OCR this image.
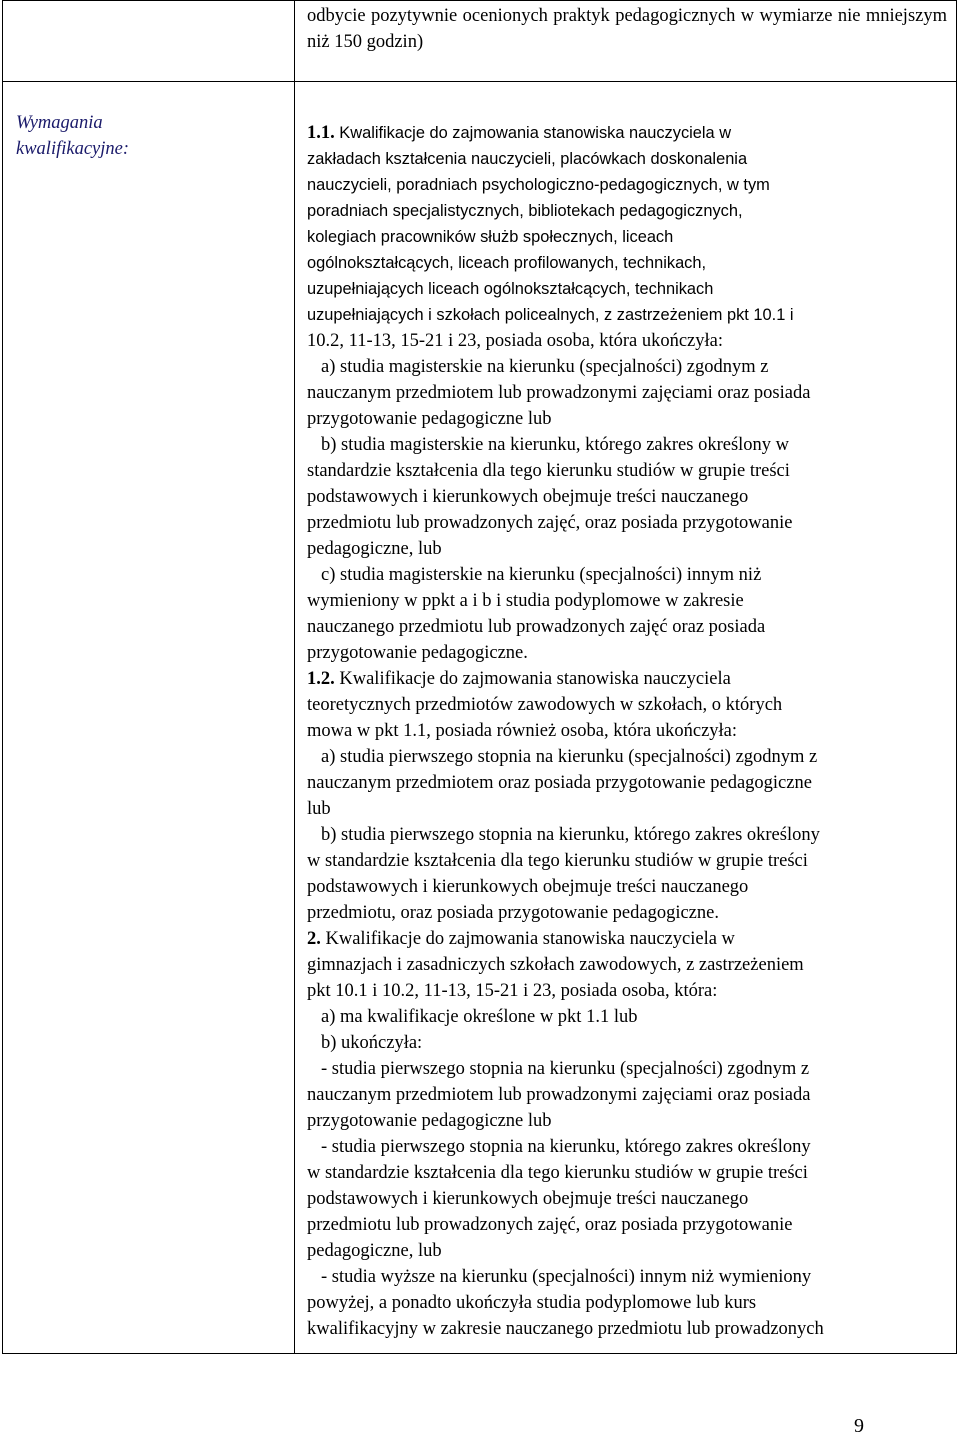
odbycie pozytywnie ocenionych praktyk pedagogicznych w wymiarze nie mniejszym niż 150 godzin)
Wymagania kwalifikacyjne:

1.1. Kwalifikacje do zajmowania stanowiska nauczyciela w

zakładach kształcenia nauczycieli, placówkach doskonalenia

nauczycieli, poradniach psychologiczno-pedagogicznych, w tym

poradniach specjalistycznych, bibliotekach pedagogicznych,

kolegiach pracowników służb społecznych, liceach

ogólnokształcących, liceach profilowanych, technikach,

uzupełniających liceach ogólnokształcących, technikach

uzupełniających i szkołach policealnych, z zastrzeżeniem pkt 10.1 i

10.2, 11-13, 15-21 i 23, posiada osoba, która ukończyła:

a) studia magisterskie na kierunku (specjalności) zgodnym z

nauczanym przedmiotem lub prowadzonymi zajęciami oraz posiada

przygotowanie pedagogiczne lub

b) studia magisterskie na kierunku, którego zakres określony w

standardzie kształcenia dla tego kierunku studiów w grupie treści

podstawowych i kierunkowych obejmuje treści nauczanego

przedmiotu lub prowadzonych zajęć, oraz posiada przygotowanie

pedagogiczne, lub

c) studia magisterskie na kierunku (specjalności) innym niż

wymieniony w ppkt a i b i studia podyplomowe w zakresie

nauczanego przedmiotu lub prowadzonych zajęć oraz posiada

przygotowanie pedagogiczne.

1.2. Kwalifikacje do zajmowania stanowiska nauczyciela

teoretycznych przedmiotów zawodowych w szkołach, o których

mowa w pkt 1.1, posiada również osoba, która ukończyła:

a) studia pierwszego stopnia na kierunku (specjalności) zgodnym z

nauczanym przedmiotem oraz posiada przygotowanie pedagogiczne

lub

b) studia pierwszego stopnia na kierunku, którego zakres określony

w standardzie kształcenia dla tego kierunku studiów w grupie treści

podstawowych i kierunkowych obejmuje treści nauczanego

przedmiotu, oraz posiada przygotowanie pedagogiczne.

2. Kwalifikacje do zajmowania stanowiska nauczyciela w

gimnazjach i zasadniczych szkołach zawodowych, z zastrzeżeniem

pkt 10.1 i 10.2, 11-13, 15-21 i 23, posiada osoba, która:

a) ma kwalifikacje określone w pkt 1.1 lub

b) ukończyła:

- studia pierwszego stopnia na kierunku (specjalności) zgodnym z

nauczanym przedmiotem lub prowadzonymi zajęciami oraz posiada

przygotowanie pedagogiczne lub

- studia pierwszego stopnia na kierunku, którego zakres określony

w standardzie kształcenia dla tego kierunku studiów w grupie treści

podstawowych i kierunkowych obejmuje treści nauczanego

przedmiotu lub prowadzonych zajęć, oraz posiada przygotowanie

pedagogiczne, lub

- studia wyższe na kierunku (specjalności) innym niż wymieniony

powyżej, a ponadto ukończyła studia podyplomowe lub kurs

kwalifikacyjny w zakresie nauczanego przedmiotu lub prowadzonych

9
